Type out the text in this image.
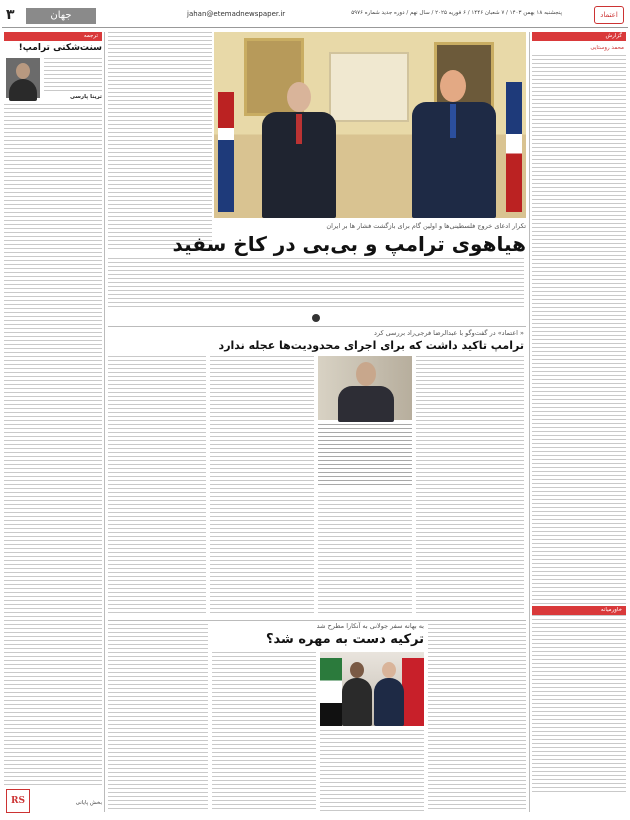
۳	جهان	jahan@etemadnewspaper.ir	پنجشنبه ۱۸ بهمن ۱۴۰۳ / ۷ شعبان ۱۴۴۶ / ۶ فوریه ۲۰۲۵ / سال نهم / دوره جدید شماره ۵۹۷۶	اعتماد
گزارش
محمد روستایی
خاورمیانه
ترجمه
سنت‌شکنی ترامپ!
ترینا پارسی
RS	بخش پایانی
تکرار ادعای خروج فلسطینی‌ها و اولین گام برای بازگشت فشار ها بر ایران
هیاهوی ترامپ و بی‌بی در کاخ سفید
« اعتماد» در گفت‌وگو با عبدالرضا فرجی‌راد بررسی کرد
ترامپ تاکید داشت که برای اجرای محدودیت‌ها عجله ندارد
به بهانه سفر جولانی به آنکارا مطرح شد
ترکیه دست به مهره شد؟
